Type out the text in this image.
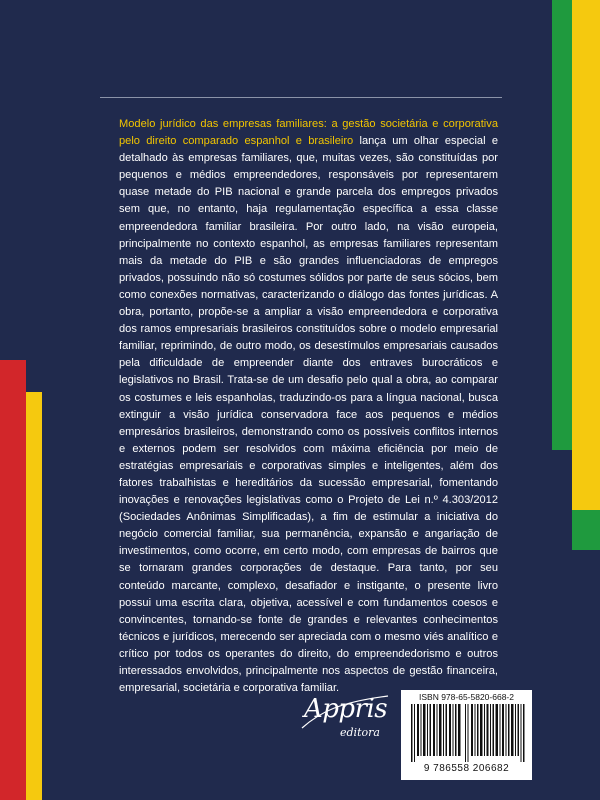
Modelo jurídico das empresas familiares: a gestão societária e corporativa pelo direito comparado espanhol e brasileiro lança um olhar especial e detalhado às empresas familiares, que, muitas vezes, são constituídas por pequenos e médios empreendedores, responsáveis por representarem quase metade do PIB nacional e grande parcela dos empregos privados sem que, no entanto, haja regulamentação específica a essa classe empreendedora familiar brasileira. Por outro lado, na visão europeia, principalmente no contexto espanhol, as empresas familiares representam mais da metade do PIB e são grandes influenciadoras de empregos privados, possuindo não só costumes sólidos por parte de seus sócios, bem como conexões normativas, caracterizando o diálogo das fontes jurídicas. A obra, portanto, propõe-se a ampliar a visão empreendedora e corporativa dos ramos empresariais brasileiros constituídos sobre o modelo empresarial familiar, reprimindo, de outro modo, os desestímulos empresariais causados pela dificuldade de empreender diante dos entraves burocráticos e legislativos no Brasil. Trata-se de um desafio pelo qual a obra, ao comparar os costumes e leis espanholas, traduzindo-os para a língua nacional, busca extinguir a visão jurídica conservadora face aos pequenos e médios empresários brasileiros, demonstrando como os possíveis conflitos internos e externos podem ser resolvidos com máxima eficiência por meio de estratégias empresariais e corporativas simples e inteligentes, além dos fatores trabalhistas e hereditários da sucessão empresarial, fomentando inovações e renovações legislativas como o Projeto de Lei n.º 4.303/2012 (Sociedades Anônimas Simplificadas), a fim de estimular a iniciativa do negócio comercial familiar, sua permanência, expansão e angariação de investimentos, como ocorre, em certo modo, com empresas de bairros que se tornaram grandes corporações de destaque. Para tanto, por seu conteúdo marcante, complexo, desafiador e instigante, o presente livro possui uma escrita clara, objetiva, acessível e com fundamentos coesos e convincentes, tornando-se fonte de grandes e relevantes conhecimentos técnicos e jurídicos, merecendo ser apreciada com o mesmo viés analítico e crítico por todos os operantes do direito, do empreendedorismo e outros interessados envolvidos, principalmente nos aspectos de gestão financeira, empresarial, societária e corporativa familiar.

Appris
editora
ISBN 978-65-5820-668-2
9 786558 206682
